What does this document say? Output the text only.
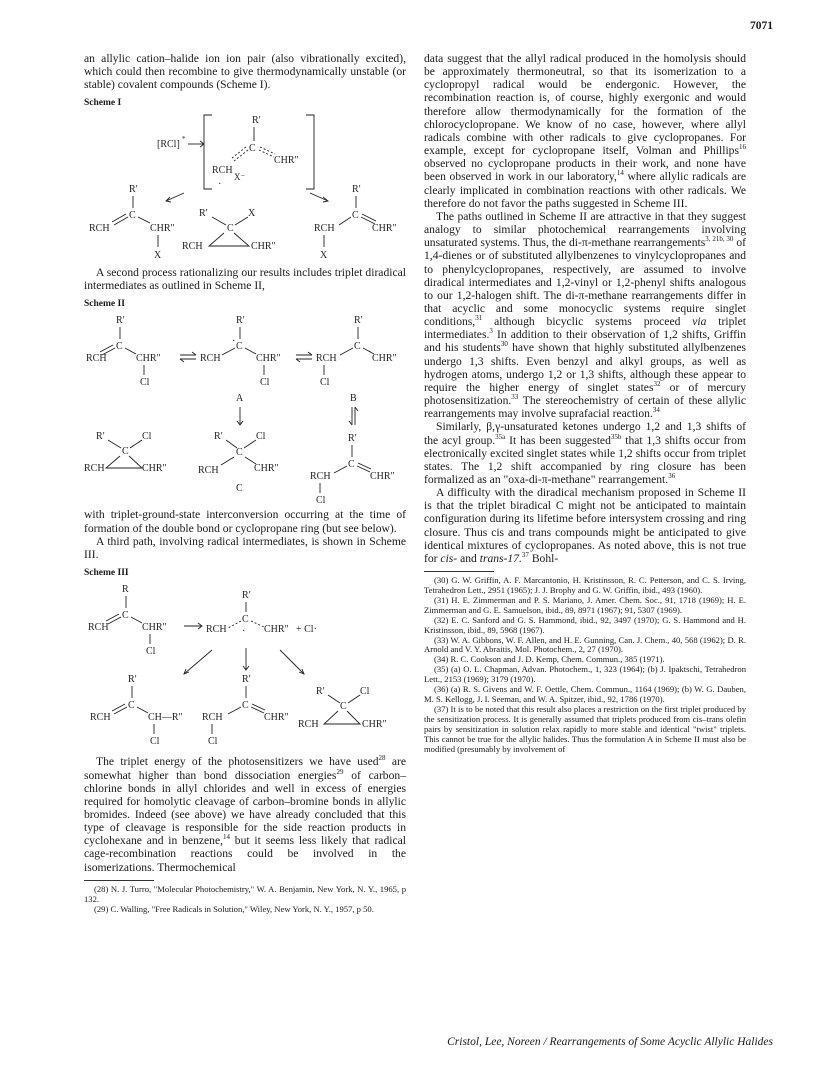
7071

an allylic cation–halide ion ion pair (also vibrationally excited), which could then recombine to give thermodynamically unstable (or stable) covalent compounds (Scheme I).

Scheme I
[RCl] *
R′
C
CHR″
RCH
X⁻
·
R′
C
RCH	CHR″
X
R′
C
X
RCH	CHR″
R′
C
RCH	CHR″
X

A second process rationalizing our results includes triplet diradical intermediates as outlined in Scheme II,

Scheme II
R′
C
RCH	CHR″
Cl
R′
C
·
RCH	CHR″
Cl
R′
C
RCH	CHR″
·
Cl
A	B
R′
C
Cl
RCH	CHR″
R′
C
Cl
RCH	CHR″
C
R′
C
RCH	CHR″
Cl

with triplet-ground-state interconversion occurring at the time of formation of the double bond or cyclopropane ring (but see below).

A third path, involving radical intermediates, is shown in Scheme III.

Scheme III
R
C
RCH	CHR″
Cl
R′
C
RCH · CHR″ + Cl·
R′
C
RCH	CH—R″
Cl
R′
C
RCH	CHR″
Cl
R′
C
Cl
RCH	CHR″

The triplet energy of the photosensitizers we have used$^{28}$ are somewhat higher than bond dissociation energies$^{29}$ of carbon–chlorine bonds in allyl chlorides and well in excess of energies required for homolytic cleavage of carbon–bromine bonds in allylic bromides. Indeed (see above) we have already concluded that this type of cleavage is responsible for the side reaction products in cyclohexane and in benzene,$^{14}$ but it seems less likely that radical cage-recombination reactions could be involved in the isomerizations. Thermochemical

(28) N. J. Turro, "Molecular Photochemistry," W. A. Benjamin, New York, N. Y., 1965, p 132.

(29) C. Walling, "Free Radicals in Solution," Wiley, New York, N. Y., 1957, p 50.

data suggest that the allyl radical produced in the homolysis should be approximately thermoneutral, so that its isomerization to a cyclopropyl radical would be endergonic. However, the recombination reaction is, of course, highly exergonic and would therefore allow thermodynamically for the formation of the chlorocyclopropane. We know of no case, however, where allyl radicals combine with other radicals to give cyclopropanes. For example, except for cyclopropane itself, Volman and Phillips$^{16}$ observed no cyclopropane products in their work, and none have been observed in work in our laboratory,$^{14}$ where allylic radicals are clearly implicated in combination reactions with other radicals. We therefore do not favor the paths suggested in Scheme III.

The paths outlined in Scheme II are attractive in that they suggest analogy to similar photochemical rearrangements involving unsaturated systems. Thus, the di-π-methane rearrangements$^{3, 21b, 30}$ of 1,4-dienes or of substituted allylbenzenes to vinylcyclopropanes and to phenylcyclopropanes, respectively, are assumed to involve diradical intermediates and 1,2-vinyl or 1,2-phenyl shifts analogous to our 1,2-halogen shift. The di-π-methane rearrangements differ in that acyclic and some monocyclic systems require singlet conditions,$^{31}$ although bicyclic systems proceed via triplet intermediates.$^3$ In addition to their observation of 1,2 shifts, Griffin and his students$^{30}$ have shown that highly substituted allylbenzenes undergo 1,3 shifts. Even benzyl and alkyl groups, as well as hydrogen atoms, undergo 1,2 or 1,3 shifts, although these appear to require the higher energy of singlet states$^{32}$ or of mercury photosensitization.$^{33}$ The stereochemistry of certain of these allylic rearrangements may involve suprafacial reaction.$^{34}$

Similarly, β,γ-unsaturated ketones undergo 1,2 and 1,3 shifts of the acyl group.$^{35a}$ It has been suggested$^{35b}$ that 1,3 shifts occur from electronically excited singlet states while 1,2 shifts occur from triplet states. The 1,2 shift accompanied by ring closure has been formalized as an "oxa-di-π-methane" rearrangement.$^{36}$

A difficulty with the diradical mechanism proposed in Scheme II is that the triplet biradical C might not be anticipated to maintain configuration during its lifetime before intersystem crossing and ring closure. Thus cis and trans compounds might be anticipated to give identical mixtures of cyclopropanes. As noted above, this is not true for cis- and trans-17.37 Bohl-

(30) G. W. Griffin, A. F. Marcantonio, H. Kristinsson, R. C. Petterson, and C. S. Irving, Tetrahedron Lett., 2951 (1965); J. J. Brophy and G. W. Griffin, ibid., 493 (1960).

(31) H. E. Zimmerman and P. S. Mariano, J. Amer. Chem. Soc., 91, 1718 (1969); H. E. Zimmerman and G. E. Samuelson, ibid., 89, 8971 (1967); 91, 5307 (1969).

(32) E. C. Sanford and G. S. Hammond, ibid., 92, 3497 (1970); G. S. Hammond and H. Kristinsson, ibid., 89, 5968 (1967).

(33) W. A. Gibbons, W. F. Allen, and H. E. Gunning, Can. J. Chem., 40, 568 (1962); D. R. Arnold and V. Y. Abraitis, Mol. Photochem., 2, 27 (1970).

(34) R. C. Cookson and J. D. Kemp, Chem. Commun., 385 (1971).

(35) (a) O. L. Chapman, Advan. Photochem., 1, 323 (1964); (b) J. Ipaktschi, Tetrahedron Lett., 2153 (1969); 3179 (1970).

(36) (a) R. S. Givens and W. F. Oettle, Chem. Commun., 1164 (1969); (b) W. G. Dauben, M. S. Kellogg, J. I. Seeman, and W. A. Spitzer, ibid., 92, 1786 (1970).

(37) It is to be noted that this result also places a restriction on the first triplet produced by the sensitization process. It is generally assumed that triplets produced from cis–trans olefin pairs by sensitization in solution relax rapidly to more stable and identical "twist" triplets. This cannot be true for the allylic halides. Thus the formulation A in Scheme II must also be modified (presumably by involvement of

Cristol, Lee, Noreen / Rearrangements of Some Acyclic Allylic Halides
